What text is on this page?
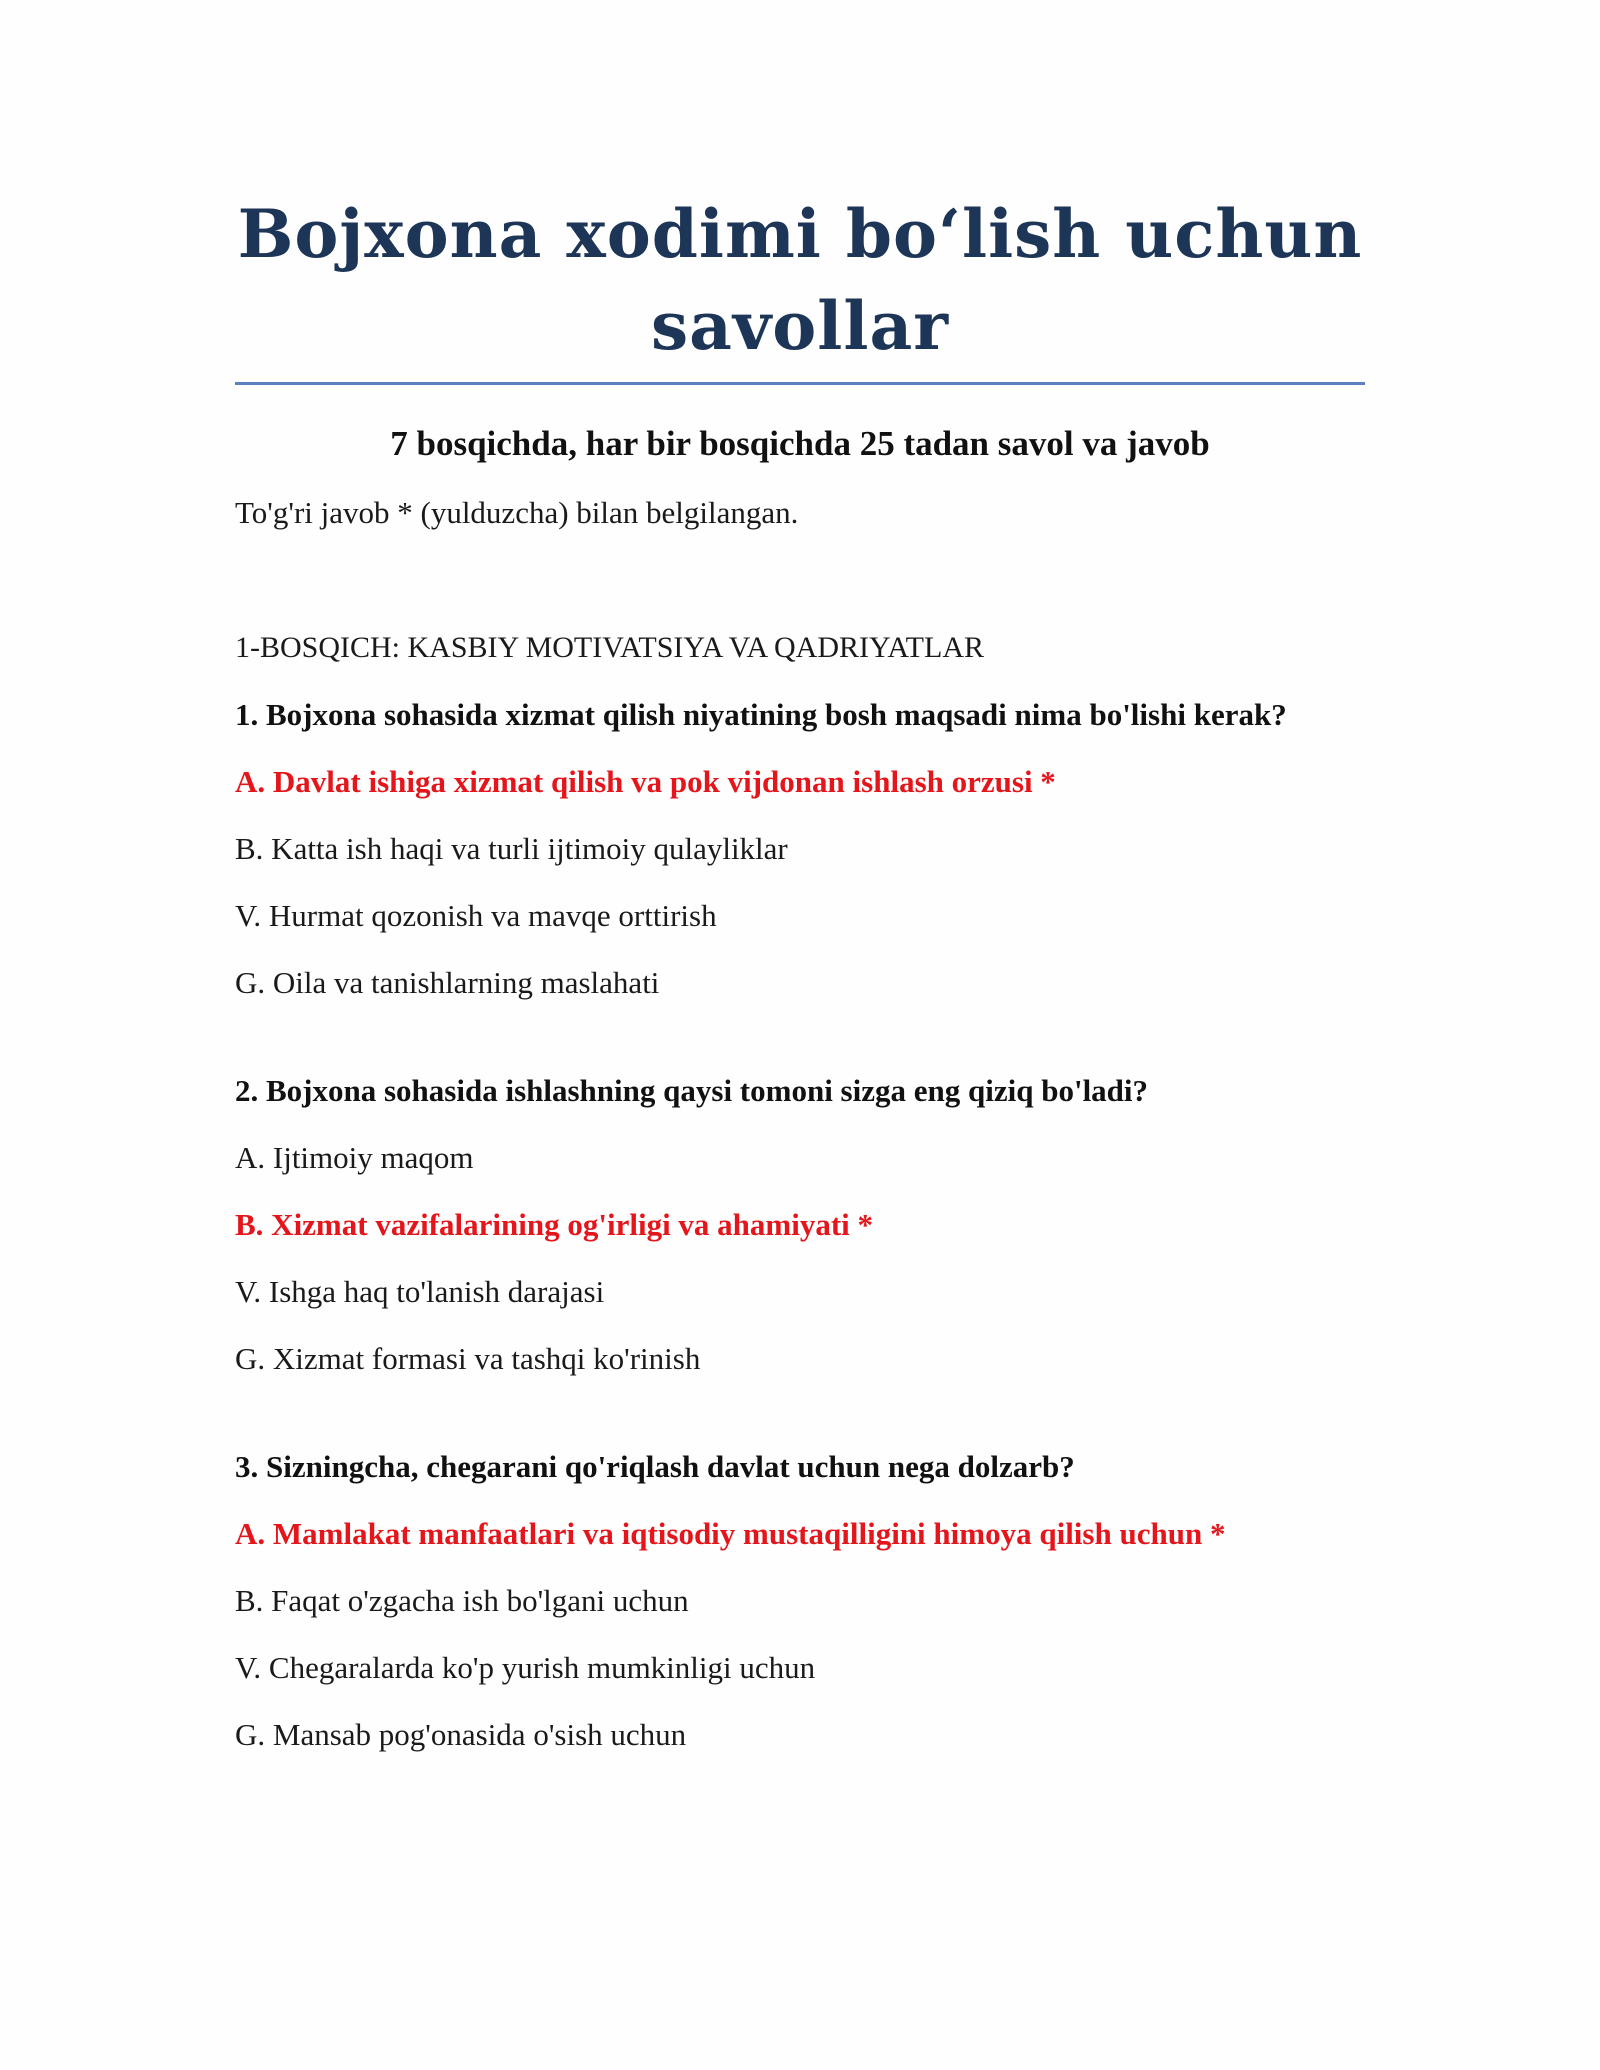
Bojxona xodimi bo‘lish uchun
savollar
7 bosqichda, har bir bosqichda 25 tadan savol va javob
To'g'ri javob * (yulduzcha) bilan belgilangan.
1-BOSQICH: KASBIY MOTIVATSIYA VA QADRIYATLAR
1. Bojxona sohasida xizmat qilish niyatining bosh maqsadi nima bo'lishi kerak?
A. Davlat ishiga xizmat qilish va pok vijdonan ishlash orzusi *
B. Katta ish haqi va turli ijtimoiy qulayliklar
V. Hurmat qozonish va mavqe orttirish
G. Oila va tanishlarning maslahati
2. Bojxona sohasida ishlashning qaysi tomoni sizga eng qiziq bo'ladi?
A. Ijtimoiy maqom
B. Xizmat vazifalarining og'irligi va ahamiyati *
V. Ishga haq to'lanish darajasi
G. Xizmat formasi va tashqi ko'rinish
3. Sizningcha, chegarani qo'riqlash davlat uchun nega dolzarb?
A. Mamlakat manfaatlari va iqtisodiy mustaqilligini himoya qilish uchun *
B. Faqat o'zgacha ish bo'lgani uchun
V. Chegaralarda ko'p yurish mumkinligi uchun
G. Mansab pog'onasida o'sish uchun
